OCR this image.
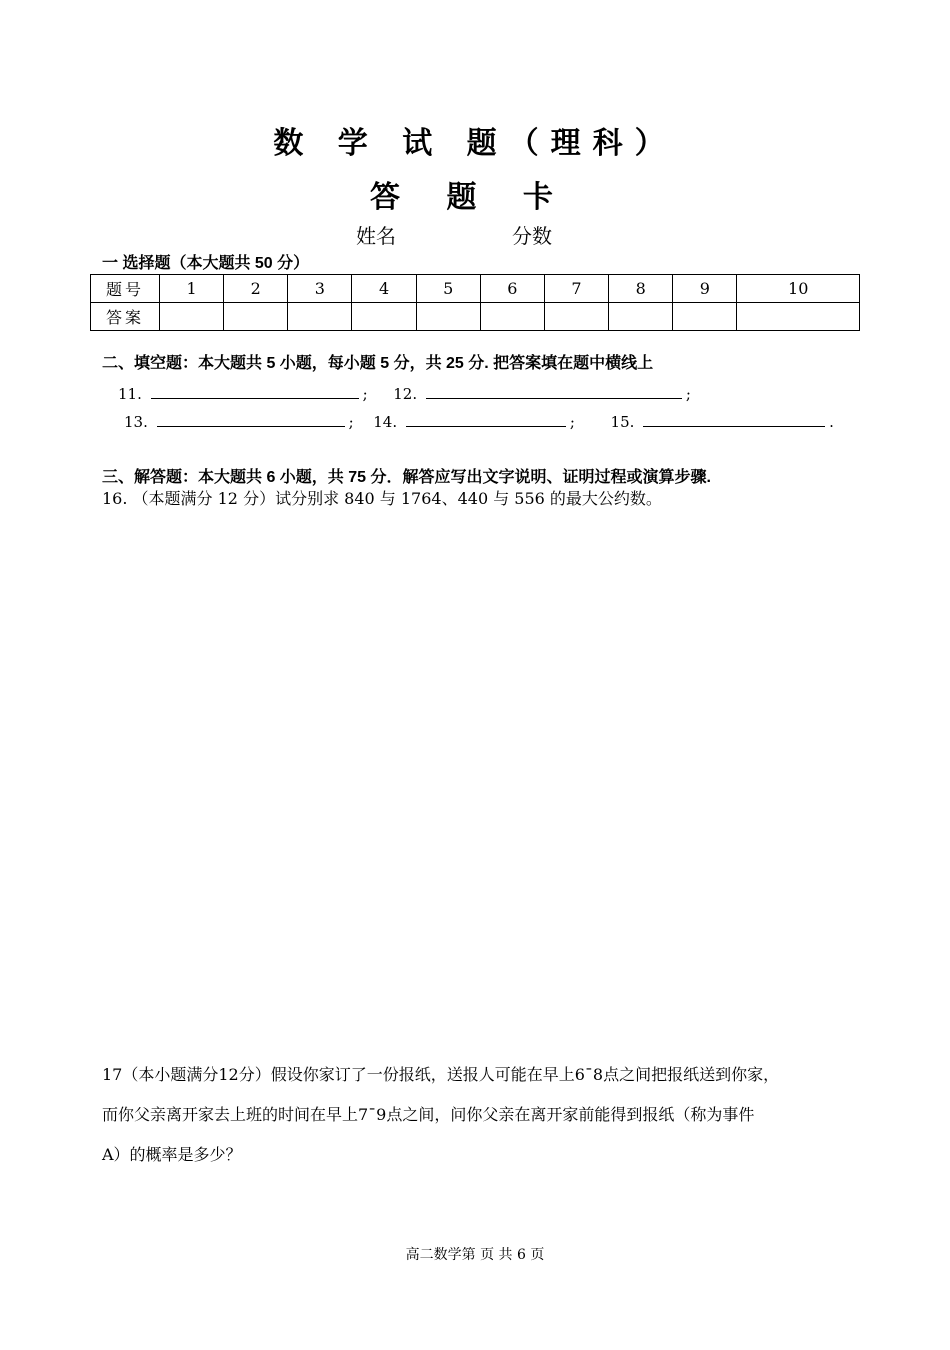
数 学 试 题（理科）
答 题 卡
姓名	分数
一 选择题（本大题共 50 分）
题号	1	2	3	4	5	6	7	8	9	10
答案										
二、填空题：本大题共 5 小题，每小题 5 分，共 25 分. 把答案填在题中横线上
11.	; 12.	;
13.	; 14.	; 15.	.
三、解答题：本大题共 6 小题，共 75 分．解答应写出文字说明、证明过程或演算步骤.
16. （本题满分 12 分）试分别求 840 与 1764、440 与 556 的最大公约数。
17（本小题满分12分）假设你家订了一份报纸，送报人可能在早上6¯8点之间把报纸送到你家，
而你父亲离开家去上班的时间在早上7¯9点之间，问你父亲在离开家前能得到报纸（称为事件
A）的概率是多少？
高二数学第 页 共 6 页
